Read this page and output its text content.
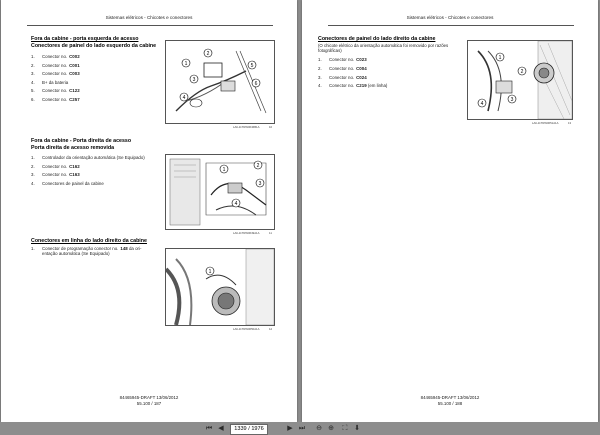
Sistemas elétricos - Chicotes e conectores
Fora da cabine - porta esquerda de acesso
Conectores de painel do lado esquerdo da cabine
1.	Conector no. C002
2.	Conector no. C001
3.	Conector no. C003
4.	B+ da bateria
5.	Conector no. C122
6.	Conector no. C257
1
2
3
4
5
6
LAIL11TRW0646B1A	10
Fora da cabine - Porta direita de acesso
Porta direita de acesso removida
1.	Controlador da orientação automática (Se Equipado)
2.	Conector no. C162
3.	Conector no. C163
4.	Conectores de painel da cabine
1
2
3
4
LAIL11TRW0649A1A	11
Conectores em linha do lado direito da cabine
1.	Conector de programação conector no. 148 da ori-
entação automática (Se Equipado)
1
LAIL11TRW0650A1A	12
84465945-DRAFT 13/06/2012
55.100 / 187
Sistemas elétricos - Chicotes e conectores
Conectores de painel do lado direito da cabine
(O chicote elétrico da orientação automática foi removido por razões fotográficas)
1.	Conector no. C023
2.	Conector no. C004
3.	Conector no. C024
4.	Conector no. C219
(em linha)
1
2
3
4
LAIL11TRW0651A1A	13
84465945-DRAFT 13/06/2012
55.100 / 188
⏮ ◀	1339 / 1976	▶ ⏭ ⊖ ⊕	⛶ ⬇
